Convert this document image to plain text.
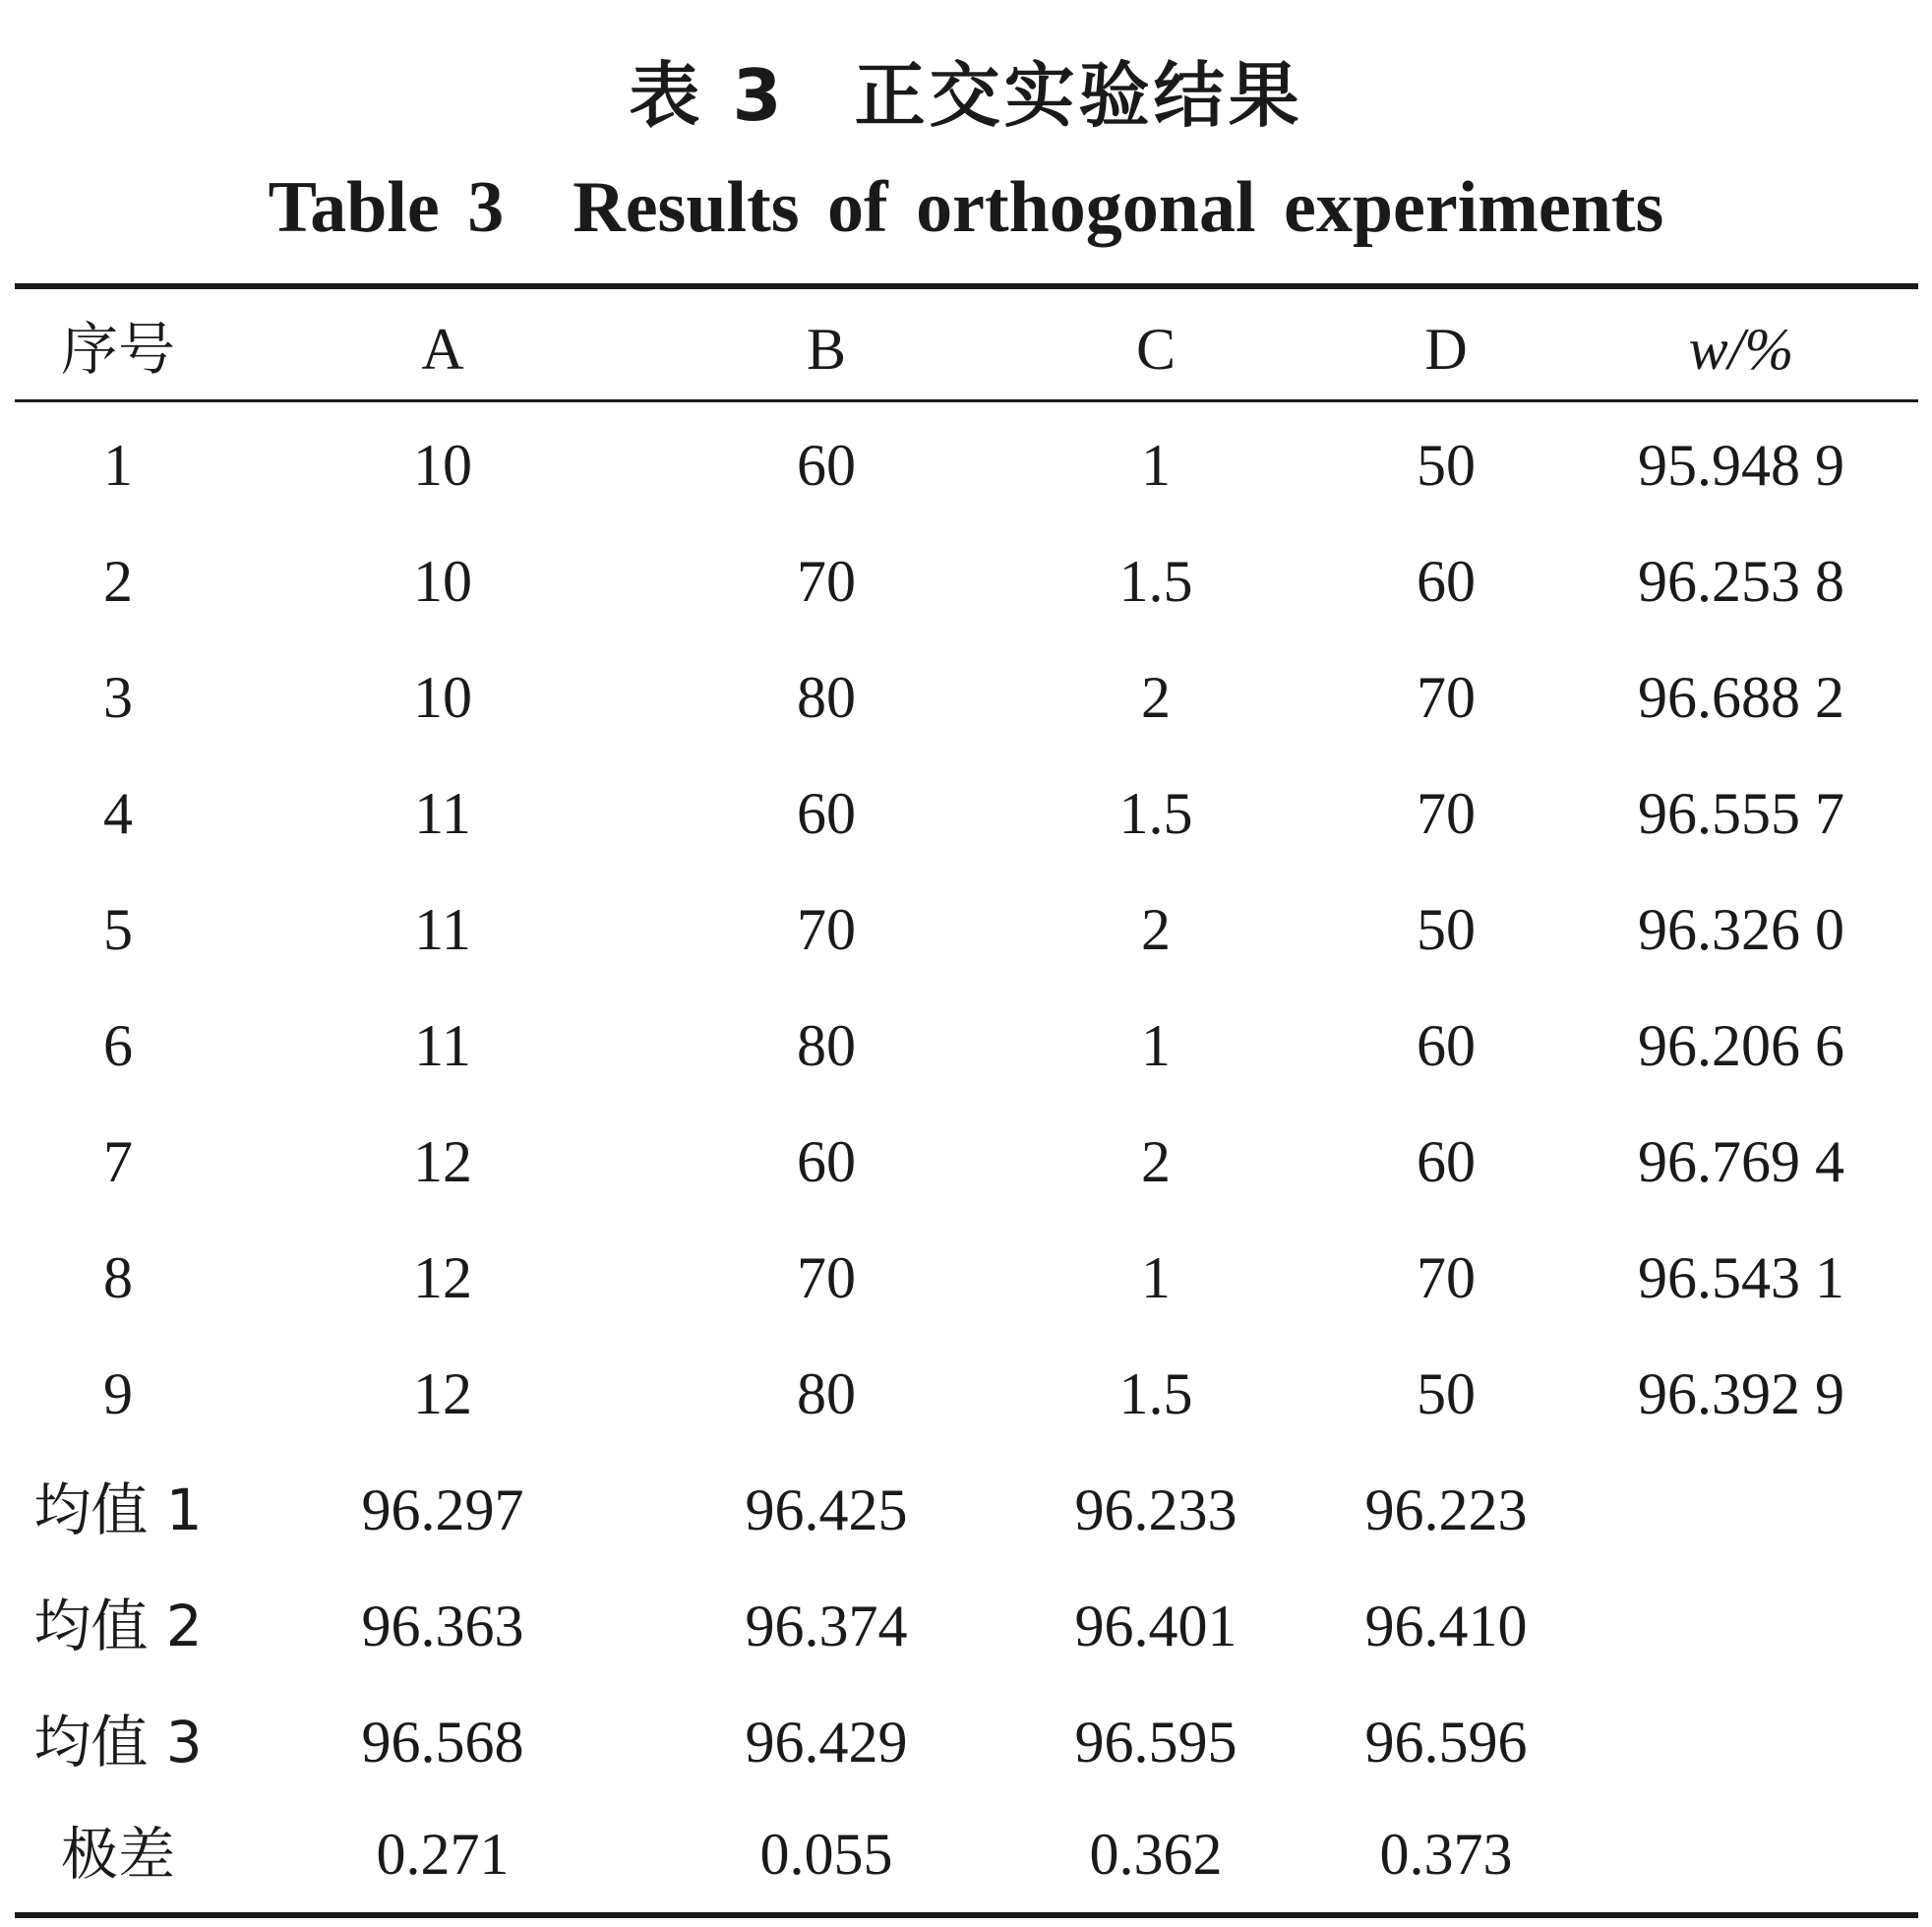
表 3 正交实验结果
Table 3 Results of orthogonal experiments
序号	A	B	C	D	w/%
1	10	60	1	50	95.948 9
2	10	70	1.5	60	96.253 8
3	10	80	2	70	96.688 2
4	11	60	1.5	70	96.555 7
5	11	70	2	50	96.326 0
6	11	80	1	60	96.206 6
7	12	60	2	60	96.769 4
8	12	70	1	70	96.543 1
9	12	80	1.5	50	96.392 9
均值 1	96.297	96.425	96.233	96.223
均值 2	96.363	96.374	96.401	96.410
均值 3	96.568	96.429	96.595	96.596
极差	0.271	0.055	0.362	0.373
